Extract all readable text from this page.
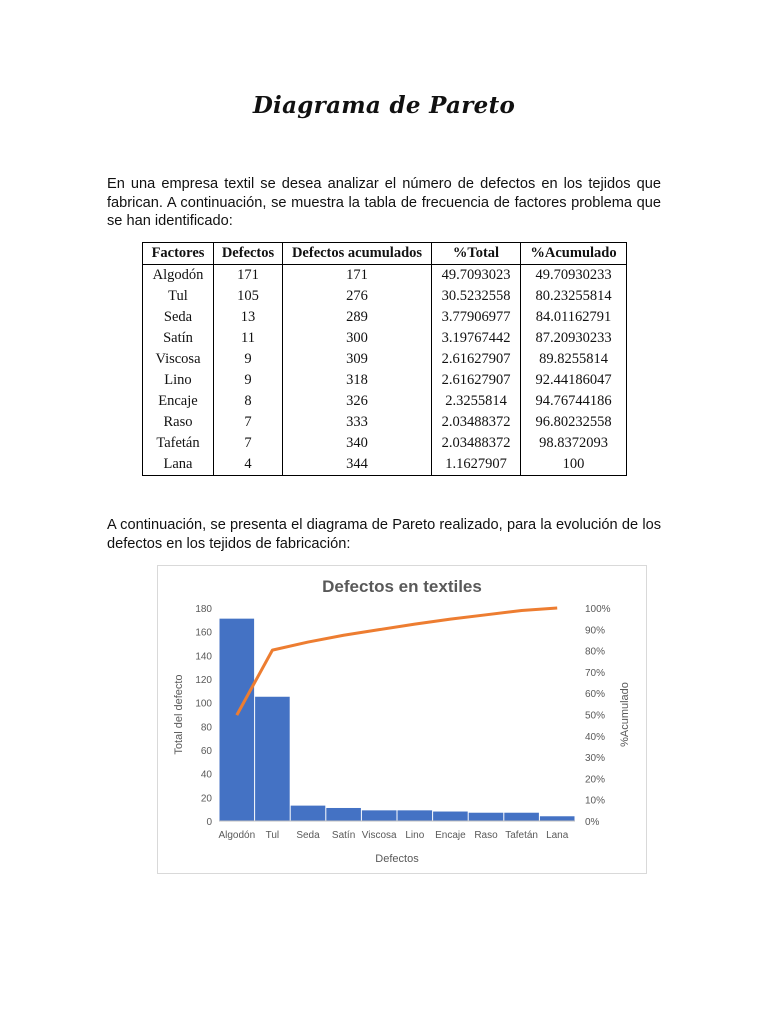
Diagrama de Pareto

En una empresa textil se desea analizar el número de defectos en los tejidos que fabrican. A continuación, se muestra la tabla de frecuencia de factores problema que se han identificado:

Factores	Defectos	Defectos acumulados	%Total	%Acumulado
Algodón	171	171	49.7093023	49.70930233
Tul	105	276	30.5232558	80.23255814
Seda	13	289	3.77906977	84.01162791
Satín	11	300	3.19767442	87.20930233
Viscosa	9	309	2.61627907	89.8255814
Lino	9	318	2.61627907	92.44186047
Encaje	8	326	2.3255814	94.76744186
Raso	7	333	2.03488372	96.80232558
Tafetán	7	340	2.03488372	98.8372093
Lana	4	344	1.1627907	100

A continuación, se presenta el diagrama de Pareto realizado, para la evolución de los defectos en los tejidos de fabricación:

Defectos en textiles
0
20
40
60
80
100
120
140
160
180
0%
10%
20%
30%
40%
50%
60%
70%
80%
90%
100%
Algodón Tul Seda Satín Viscosa Lino Encaje Raso Tafetán Lana
Defectos
Total del defecto	%Acumulado
